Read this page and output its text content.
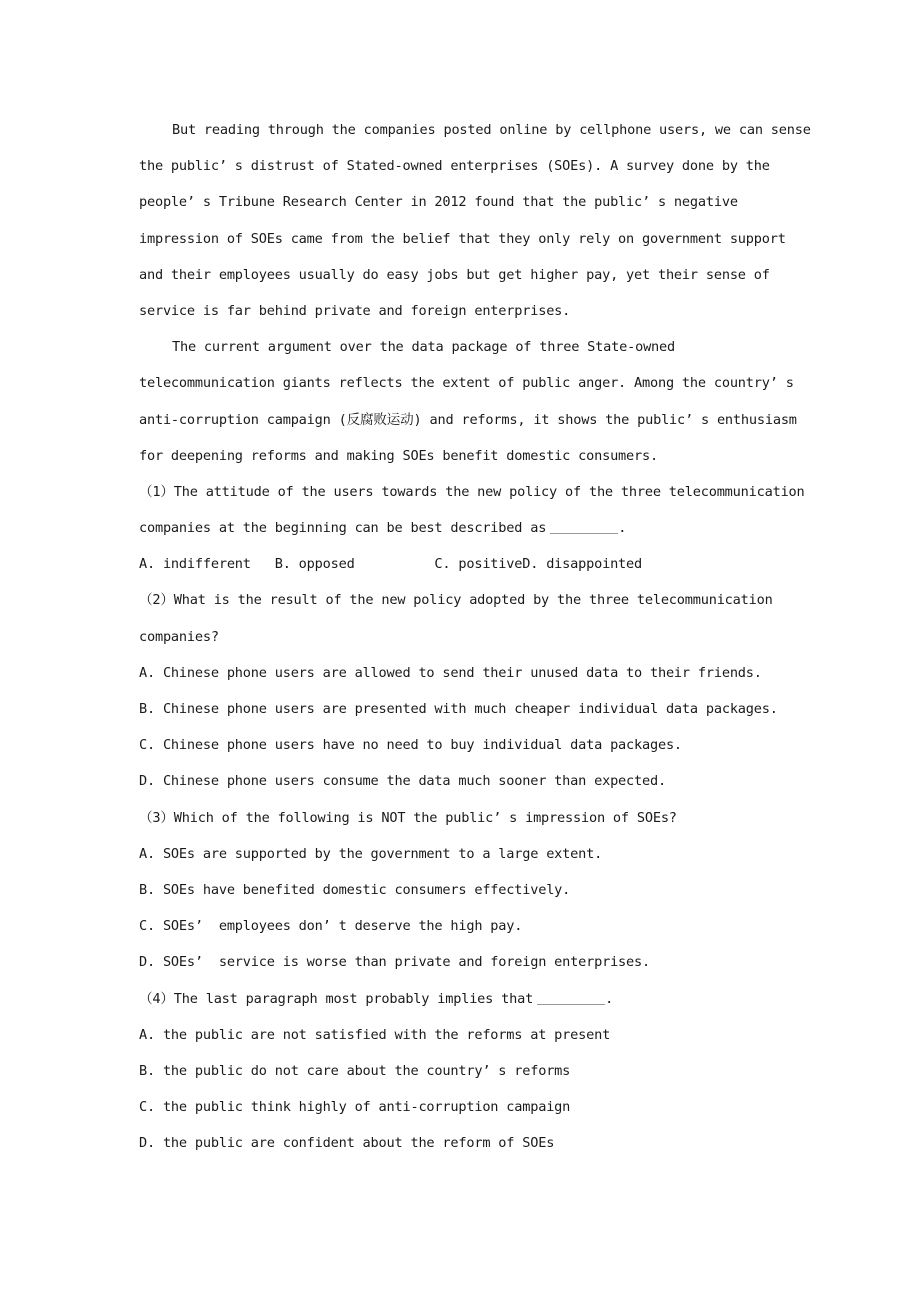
But reading through the companies posted online by cellphone users, we can sense
the public’ s distrust of Stated-owned enterprises (SOEs). A survey done by the
people’ s Tribune Research Center in 2012 found that the public’ s negative
impression of SOEs came from the belief that they only rely on government support
and their employees usually do easy jobs but get higher pay, yet their sense of
service is far behind private and foreign enterprises.
The current argument over the data package of three State-owned
telecommunication giants reflects the extent of public anger. Among the country’ s
anti-corruption campaign (反腐败运动) and reforms, it shows the public’ s enthusiasm
for deepening reforms and making SOEs benefit domestic consumers.
（1）The attitude of the users towards the new policy of the three telecommunication
companies at the beginning can be best described as	.
A. indifferent   B. opposed          C. positiveD. disappointed
（2）What is the result of the new policy adopted by the three telecommunication
companies?
A. Chinese phone users are allowed to send their unused data to their friends.
B. Chinese phone users are presented with much cheaper individual data packages.
C. Chinese phone users have no need to buy individual data packages.
D. Chinese phone users consume the data much sooner than expected.
（3）Which of the following is NOT the public’ s impression of SOEs?
A. SOEs are supported by the government to a large extent.
B. SOEs have benefited domestic consumers effectively.
C. SOEs’  employees don’ t deserve the high pay.
D. SOEs’  service is worse than private and foreign enterprises.
（4）The last paragraph most probably implies that	.
A. the public are not satisfied with the reforms at present
B. the public do not care about the country’ s reforms
C. the public think highly of anti-corruption campaign
D. the public are confident about the reform of SOEs
